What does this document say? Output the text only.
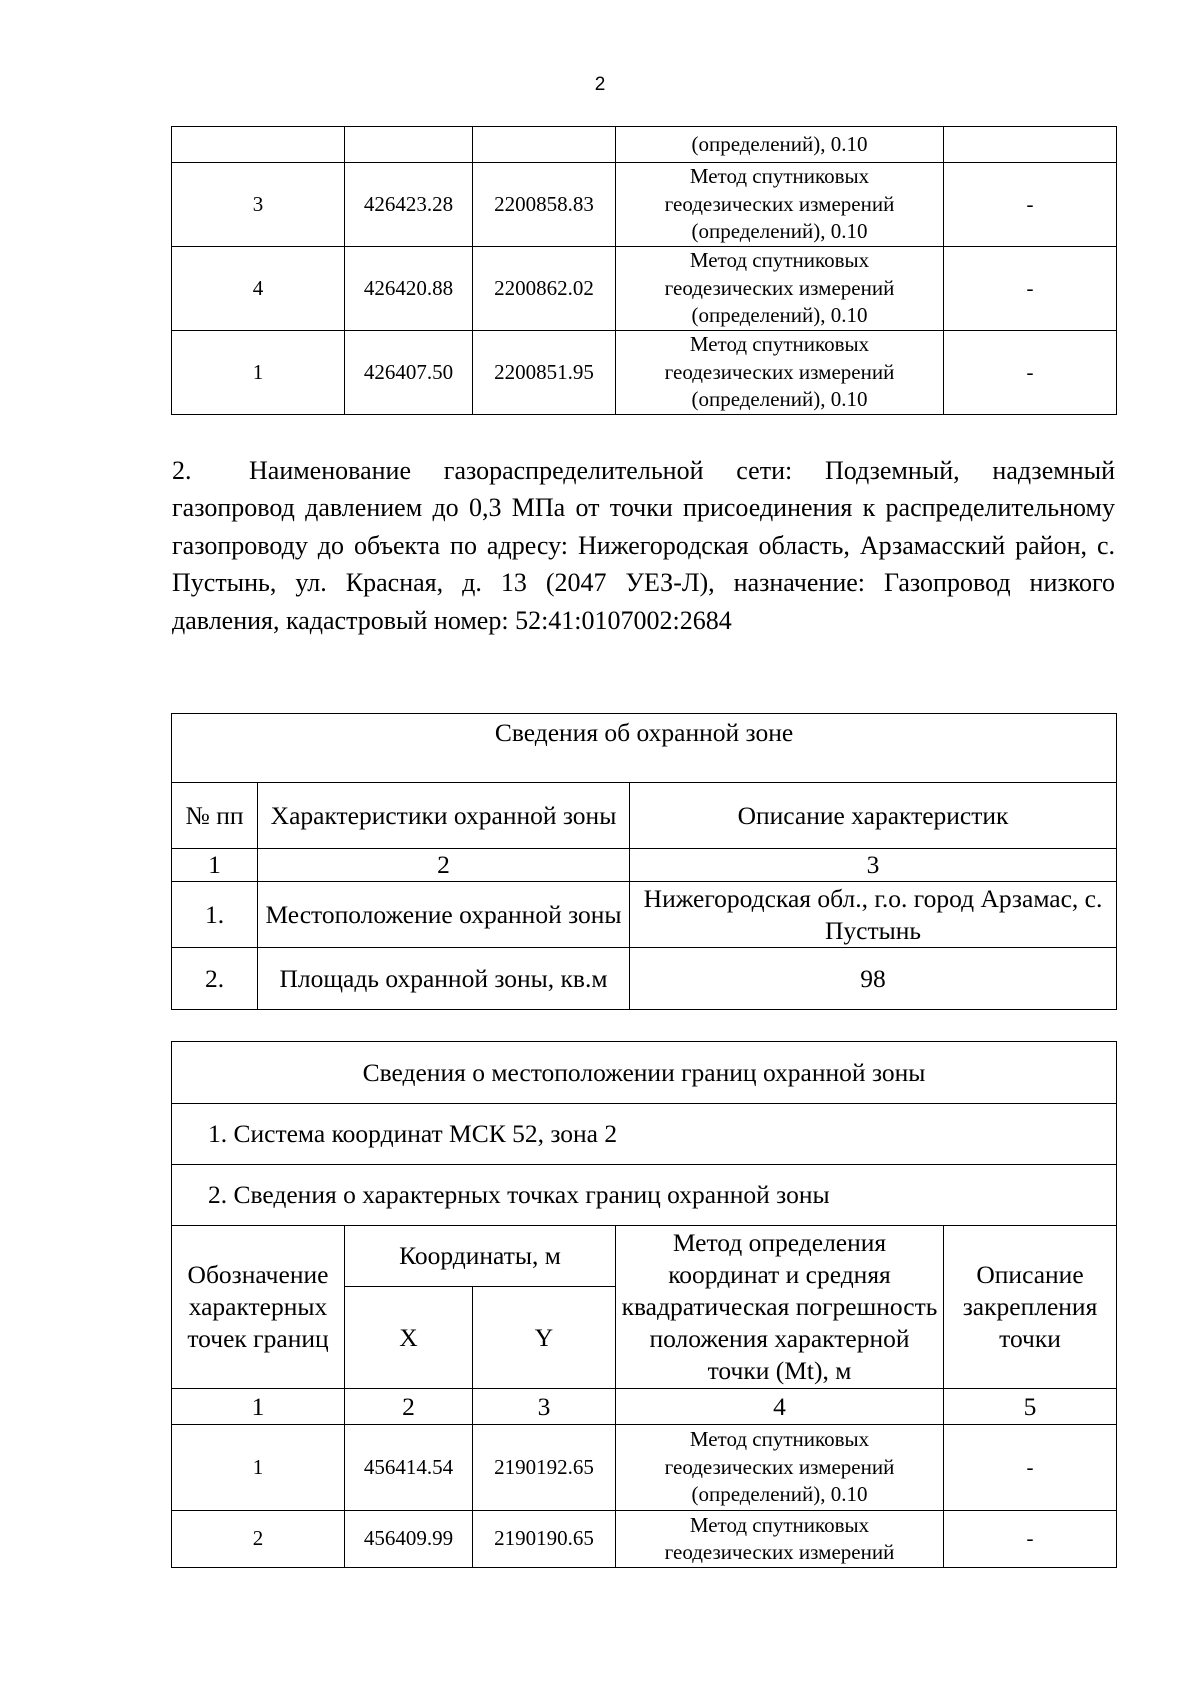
2

			(определений), 0.10	

3	426423.28	2200858.83	Метод спутниковых
геодезических измерений
(определений), 0.10	-
4	426420.88	2200862.02	Метод спутниковых
геодезических измерений
(определений), 0.10	-
1	426407.50	2200851.95	Метод спутниковых
геодезических измерений
(определений), 0.10	-
2. Наименование газораспределительной сети: Подземный, надземный газопровод давлением до 0,3 МПа от точки присоединения к распределительному газопроводу до объекта по адресу: Нижегородская область, Арзамасский район, с. Пустынь, ул. Красная, д. 13 (2047 УЕЗ-Л), назначение: Газопровод низкого давления, кадастровый номер: 52:41:0107002:2684
Сведения об охранной зоне		
№ пп	Характеристики охранной зоны	Описание характеристик
1	2	3
1.	Местоположение охранной зоны	Нижегородская обл., г.о. город Арзамас, с. Пустынь
2.	Площадь охранной зоны, кв.м	98
Сведения о местоположении границ охранной зоны				
1. Система координат МСК 52, зона 2				
2. Сведения о характерных точках границ охранной зоны				
Обозначение характерных точек границ	Координаты, м		Метод определения координат и средняя квадратическая погрешность положения характерной точки (Mt), м	Описание закрепления точки
	X	Y		
1	2	3	4	5
1	456414.54	2190192.65	Метод спутниковых
геодезических измерений
(определений), 0.10	-
2	456409.99	2190190.65	Метод спутниковых
геодезических измерений	-
